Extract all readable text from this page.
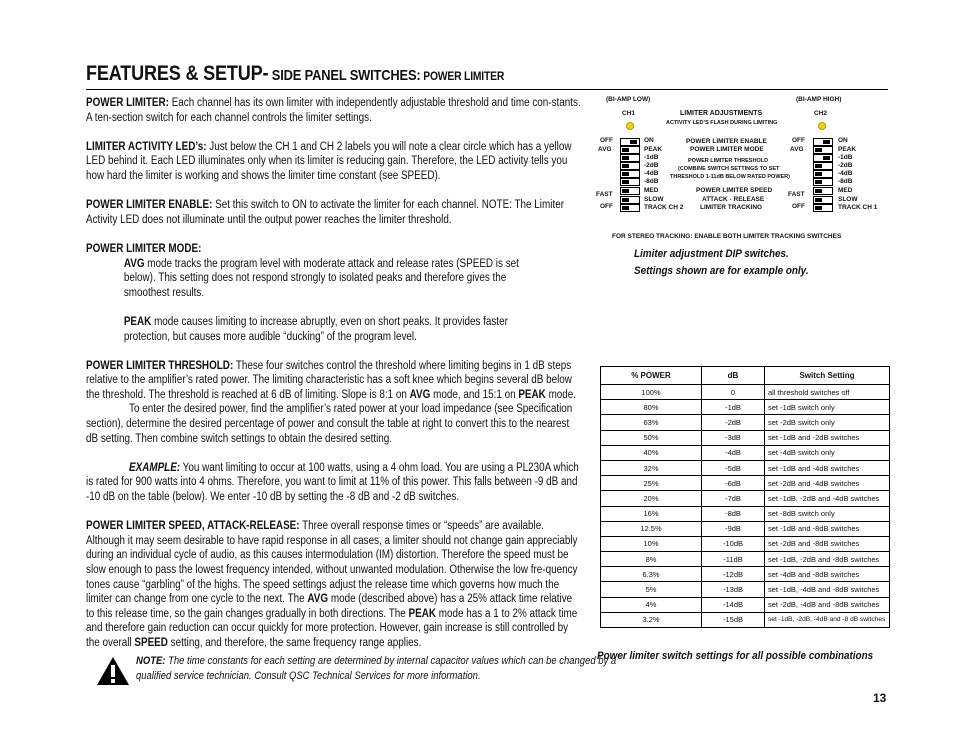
FEATURES & SETUP- SIDE PANEL SWITCHES: POWER LIMITER

POWER LIMITER: Each channel has its own limiter with independently adjustable threshold and time con-stants. A ten-section switch for each channel controls the limiter settings.

LIMITER ACTIVITY LED’s: Just below the CH 1 and CH 2 labels you will note a clear circle which has a yellow LED behind it. Each LED illuminates only when its limiter is reducing gain. Therefore, the LED activity tells you how hard the limiter is working and shows the limiter time constant (see SPEED).

POWER LIMITER ENABLE: Set this switch to ON to activate the limiter for each channel. NOTE: The Limiter Activity LED does not illuminate until the output power reaches the limiter threshold.

POWER LIMITER MODE:

AVG mode tracks the program level with moderate attack and release rates (SPEED is set below). This setting does not respond strongly to isolated peaks and therefore gives the smoothest results.

PEAK mode causes limiting to increase abruptly, even on short peaks. It provides faster protection, but causes more audible “ducking” of the program level.

POWER LIMITER THRESHOLD: These four switches control the threshold where limiting begins in 1 dB steps relative to the amplifier’s rated power. The limiting characteristic has a soft knee which begins several dB below the threshold. The threshold is reached at 6 dB of limiting. Slope is 8:1 on AVG mode, and 15:1 on PEAK mode.

To enter the desired power, find the amplifier’s rated power at your load impedance (see Specification section), determine the desired percentage of power and consult the table at right to convert this to the nearest dB setting. Then combine switch settings to obtain the desired setting.

EXAMPLE: You want limiting to occur at 100 watts, using a 4 ohm load. You are using a PL230A which is rated for 900 watts into 4 ohms. Therefore, you want to limit at 11% of this power. This falls between -9 dB and -10 dB on the table (below). We enter -10 dB by setting the -8 dB and -2 dB switches.

POWER LIMITER SPEED, ATTACK-RELEASE: Three overall response times or “speeds” are available. Although it may seem desirable to have rapid response in all cases, a limiter should not change gain appreciably during an individual cycle of audio, as this causes intermodulation (IM) distortion. Therefore the speed must be slow enough to pass the lowest frequency intended, without unwanted modulation. Otherwise the low fre-quency tones cause “garbling” of the highs. The speed settings adjust the release time which governs how much the limiter can change from one cycle to the next. The AVG mode (described above) has a 25% attack time relative to this release time, so the gain changes gradually in both directions. The PEAK mode has a 1 to 2% attack time and therefore gain reduction can occur quickly for more protection. However, gain increase is still controlled by the overall SPEED setting, and therefore, the same frequency range applies.

NOTE: The time constants for each setting are determined by internal capacitor values which can be changed by a qualified service technician. Consult QSC Technical Services for more information.
(BI-AMP LOW)	(BI-AMP HIGH)
CH1	CH2
LIMITER ADJUSTMENTS
ACTIVITY LED’S FLASH DURING LIMITING
OFF
AVG
FAST
OFF
ON
PEAK
-1dB
-2dB
-4dB
-8dB
MED
SLOW
TRACK CH 2
POWER LIMITER ENABLE
POWER LIMITER MODE
POWER LIMITER THRESHOLD
(COMBINE SWITCH SETTINGS TO SET
THRESHOLD 1-11dB BELOW RATED POWER)
POWER LIMITER SPEED
ATTACK - RELEASE
LIMITER TRACKING
OFF
AVG
FAST
OFF
ON
PEAK
-1dB
-2dB
-4dB
-8dB
MED
SLOW
TRACK CH 1
FOR STEREO TRACKING: ENABLE BOTH LIMITER TRACKING SWITCHES
Limiter adjustment DIP switches.
Settings shown are for example only.
% POWER	dB	Switch Setting
100%	0	all threshold switches off
80%	-1dB	set -1dB switch only
63%	-2dB	set -2dB switch only
50%	-3dB	set -1dB and -2dB switches
40%	-4dB	set -4dB switch only
32%	-5dB	set -1dB and -4dB switches
25%	-6dB	set -2dB and -4dB switches
20%	-7dB	set -1dB, -2dB and -4dB switches
16%	-8dB	set -8dB switch only
12.5%	-9dB	set -1dB and -8dB switches
10%	-10dB	set -2dB and -8dB switches
8%	-11dB	set -1dB, -2dB and -8dB switches
6.3%	-12dB	set -4dB and -8dB switches
5%	-13dB	set -1dB, -4dB and -8dB switches
4%	-14dB	set -2dB, -4dB and -8dB switches
3.2%	-15dB	set -1dB, -2dB, -4dB and -8 dB switches
Power limiter switch settings for all possible combinations
13
